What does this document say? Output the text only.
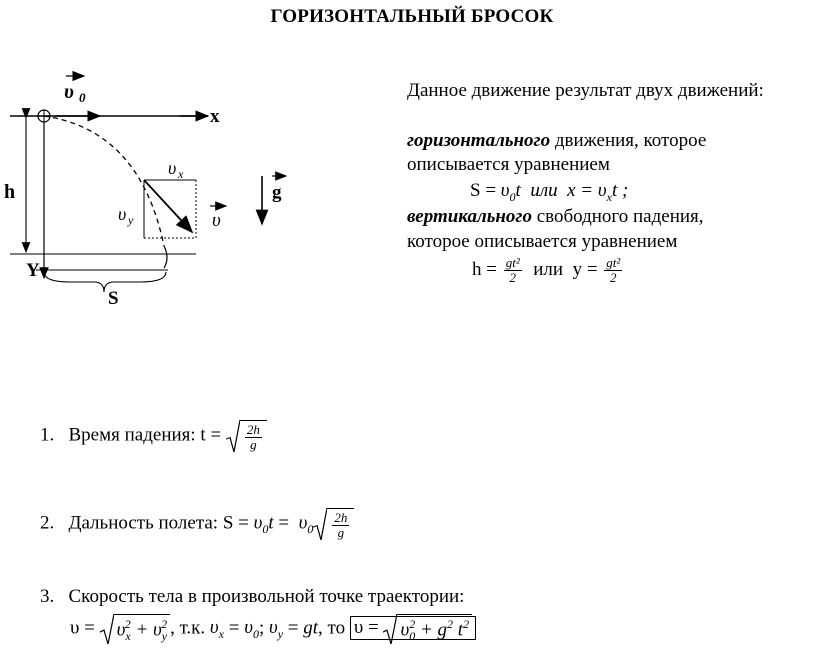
ГОРИЗОНТАЛЬНЫЙ БРОСОК
υ 0
x
Y
h
S
υ x
υ y	υ
g
Данное движение результат двух движений:
горизонтального движения, которое
описывается уравнением
$S = \upsilon_0t$ или $x = \upsilon_xt$ ;
вертикального свободного падения,
которое описывается уравнением
$h = \frac{\text{gt²}}{2}$ или $y = \frac{\text{gt²}}{2}$
1. Время падения: $t = \frac{2h}{g}$
2. Дальность полета: $S = \upsilon_0t = \upsilon_0 \frac{2h}{g}$
3. Скорость тела в произвольной точке траектории:
υ =
$\upsilon_x^2 + \upsilon_y^2$ , т.к. $\upsilon_x = \upsilon_0$; $\upsilon_y$ = gt, то υ =
$\upsilon_0^2 + g^2$ $t^2$
